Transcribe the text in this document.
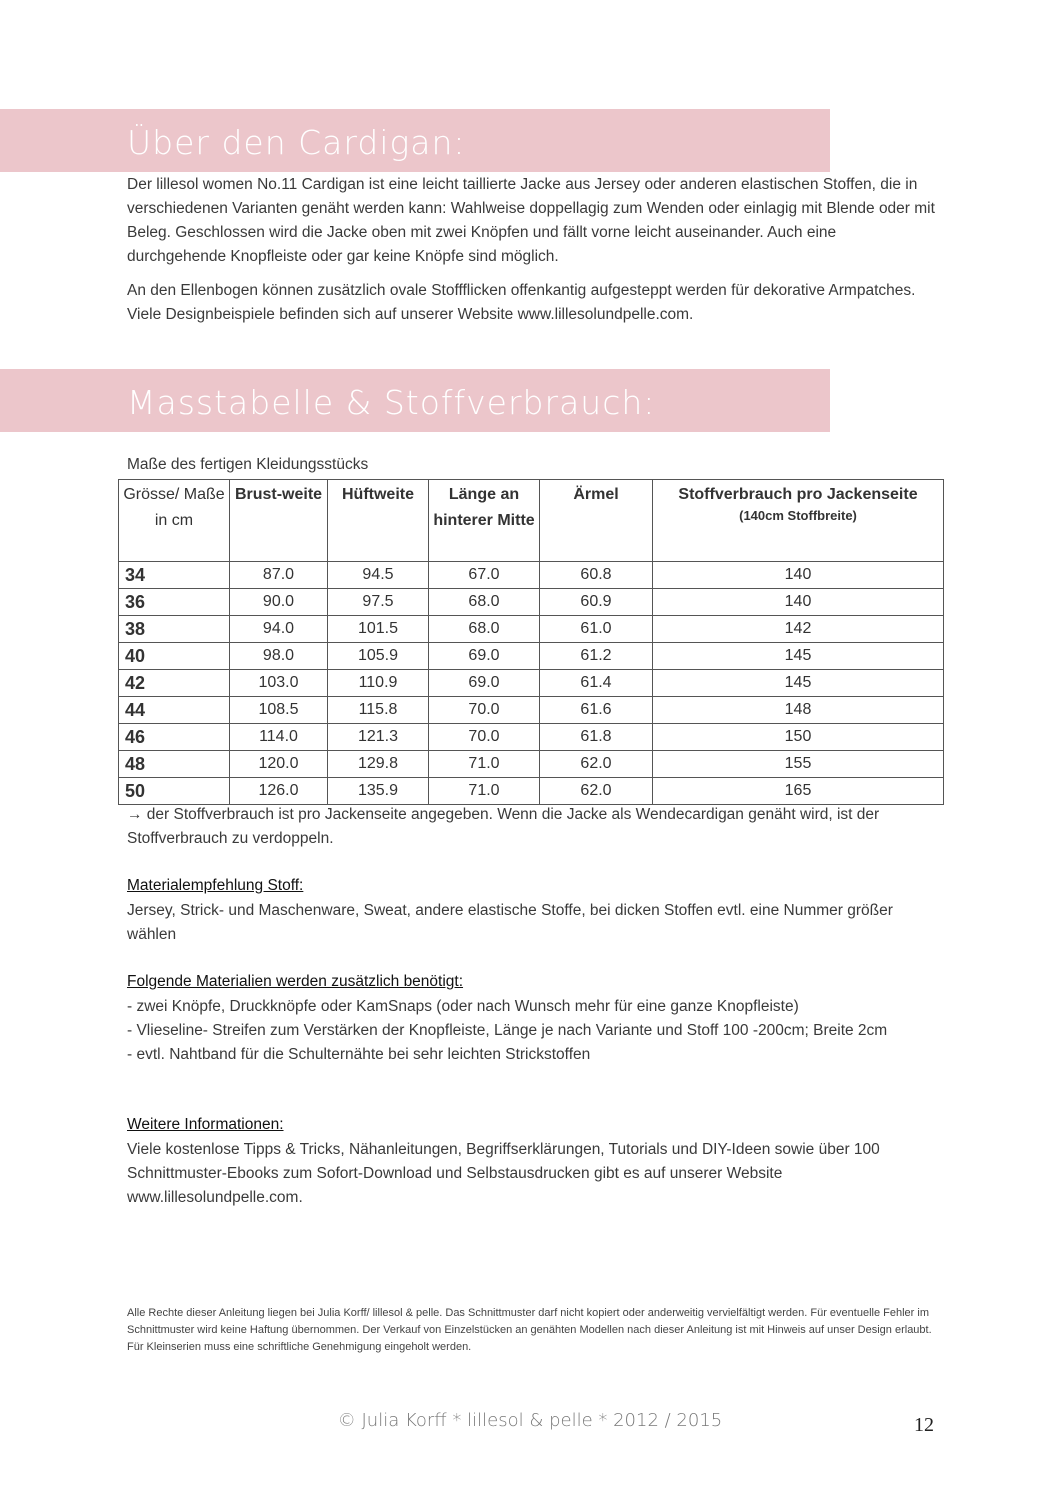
Über den Cardigan:

Der lillesol women No.11 Cardigan ist eine leicht taillierte Jacke aus Jersey oder anderen elastischen Stoffen, die in verschiedenen Varianten genäht werden kann: Wahlweise doppellagig zum Wenden oder einlagig mit Blende oder mit Beleg. Geschlossen wird die Jacke oben mit zwei Knöpfen und fällt vorne leicht auseinander. Auch eine durchgehende Knopfleiste oder gar keine Knöpfe sind möglich.

An den Ellenbogen können zusätzlich ovale Stoffflicken offenkantig aufgesteppt werden für dekorative Armpatches. Viele Designbeispiele befinden sich auf unserer Website www.lillesolundpelle.com.

Masstabelle & Stoffverbrauch:
Maße des fertigen Kleidungsstücks
Grösse/ Maße in cm	Brust-weite	Hüftweite	Länge an hinterer Mitte	Ärmel	Stoffverbrauch pro Jackenseite
(140cm Stoffbreite)

34	87.0	94.5	67.0	60.8	140
36	90.0	97.5	68.0	60.9	140
38	94.0	101.5	68.0	61.0	142
40	98.0	105.9	69.0	61.2	145
42	103.0	110.9	69.0	61.4	145
44	108.5	115.8	70.0	61.6	148
46	114.0	121.3	70.0	61.8	150
48	120.0	129.8	71.0	62.0	155
50	126.0	135.9	71.0	62.0	165

→ der Stoffverbrauch ist pro Jackenseite angegeben. Wenn die Jacke als Wendecardigan genäht wird, ist der Stoffverbrauch zu verdoppeln.

Materialempfehlung Stoff:

Jersey, Strick- und Maschenware, Sweat, andere elastische Stoffe, bei dicken Stoffen evtl. eine Nummer größer wählen

Folgende Materialien werden zusätzlich benötigt:

- zwei Knöpfe, Druckknöpfe oder KamSnaps (oder nach Wunsch mehr für eine ganze Knopfleiste)
- Vlieseline- Streifen zum Verstärken der Knopfleiste, Länge je nach Variante und Stoff 100 -200cm; Breite 2cm
- evtl. Nahtband für die Schulternähte bei sehr leichten Strickstoffen

Weitere Informationen:

Viele kostenlose Tipps & Tricks, Nähanleitungen, Begriffserklärungen, Tutorials und DIY-Ideen sowie über 100 Schnittmuster-Ebooks zum Sofort-Download und Selbstausdrucken gibt es auf unserer Website www.lillesolundpelle.com.

Alle Rechte dieser Anleitung liegen bei Julia Korff/ lillesol & pelle. Das Schnittmuster darf nicht kopiert oder anderweitig vervielfältigt werden. Für eventuelle Fehler im Schnittmuster wird keine Haftung übernommen. Der Verkauf von Einzelstücken an genähten Modellen nach dieser Anleitung ist mit Hinweis auf unser Design erlaubt. Für Kleinserien muss eine schriftliche Genehmigung eingeholt werden.

© Julia Korff * lillesol & pelle * 2012 / 2015	12
